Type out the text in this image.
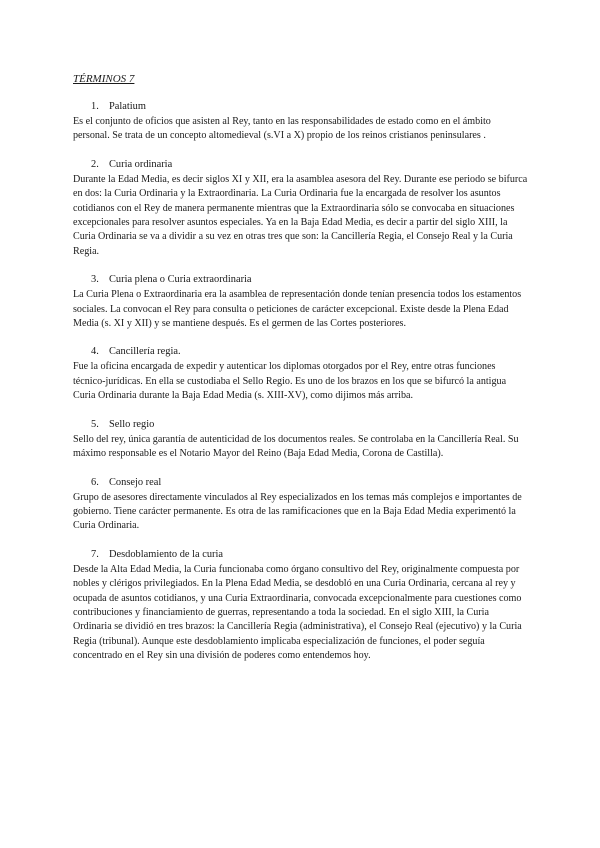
TÉRMINOS 7
1. Palatium

Es el conjunto de oficios que asisten al Rey, tanto en las responsabilidades de estado como en el ámbito personal. Se trata de un concepto altomedieval (s.VI a X) propio de los reinos cristianos peninsulares .

2. Curia ordinaria

Durante la Edad Media, es decir siglos XI y XII, era la asamblea asesora del Rey. Durante ese periodo se bifurca en dos: la Curia Ordinaria y la Extraordinaria. La Curia Ordinaria fue la encargada de resolver los asuntos cotidianos con el Rey de manera permanente mientras que la Extraordinaria sólo se convocaba en situaciones excepcionales para resolver asuntos especiales. Ya en la Baja Edad Media, es decir a partir del siglo XIII, la Curia Ordinaria se va a dividir a su vez en otras tres que son: la Cancillería Regia, el Consejo Real y la Curia Regia.

3. Curia plena o Curia extraordinaria

La Curia Plena o Extraordinaria era la asamblea de representación donde tenían presencia todos los estamentos sociales. La convocan el Rey para consulta o peticiones de carácter excepcional. Existe desde la Plena Edad Media (s. XI y XII) y se mantiene después. Es el germen de las Cortes posteriores.

4. Cancillería regia.

Fue la oficina encargada de expedir y autenticar los diplomas otorgados por el Rey, entre otras funciones técnico-jurídicas. En ella se custodiaba el Sello Regio. Es uno de los brazos en los que se bifurcó la antigua Curia Ordinaria durante la Baja Edad Media (s. XIII-XV), como dijimos más arriba.

5. Sello regio

Sello del rey, única garantía de autenticidad de los documentos reales. Se controlaba en la Cancillería Real. Su máximo responsable es el Notario Mayor del Reino (Baja Edad Media, Corona de Castilla).

6. Consejo real

Grupo de asesores directamente vinculados al Rey especializados en los temas más complejos e importantes de gobierno. Tiene carácter permanente. Es otra de las ramificaciones que en la Baja Edad Media experimentó la Curia Ordinaria.

7. Desdoblamiento de la curia

Desde la Alta Edad Media, la Curia funcionaba como órgano consultivo del Rey, originalmente compuesta por nobles y clérigos privilegiados. En la Plena Edad Media, se desdobló en una Curia Ordinaria, cercana al rey y ocupada de asuntos cotidianos, y una Curia Extraordinaria, convocada excepcionalmente para cuestiones como contribuciones y financiamiento de guerras, representando a toda la sociedad. En el siglo XIII, la Curia Ordinaria se dividió en tres brazos: la Cancillería Regia (administrativa), el Consejo Real (ejecutivo) y la Curia Regia (tribunal). Aunque este desdoblamiento implicaba especialización de funciones, el poder seguía concentrado en el Rey sin una división de poderes como entendemos hoy.
